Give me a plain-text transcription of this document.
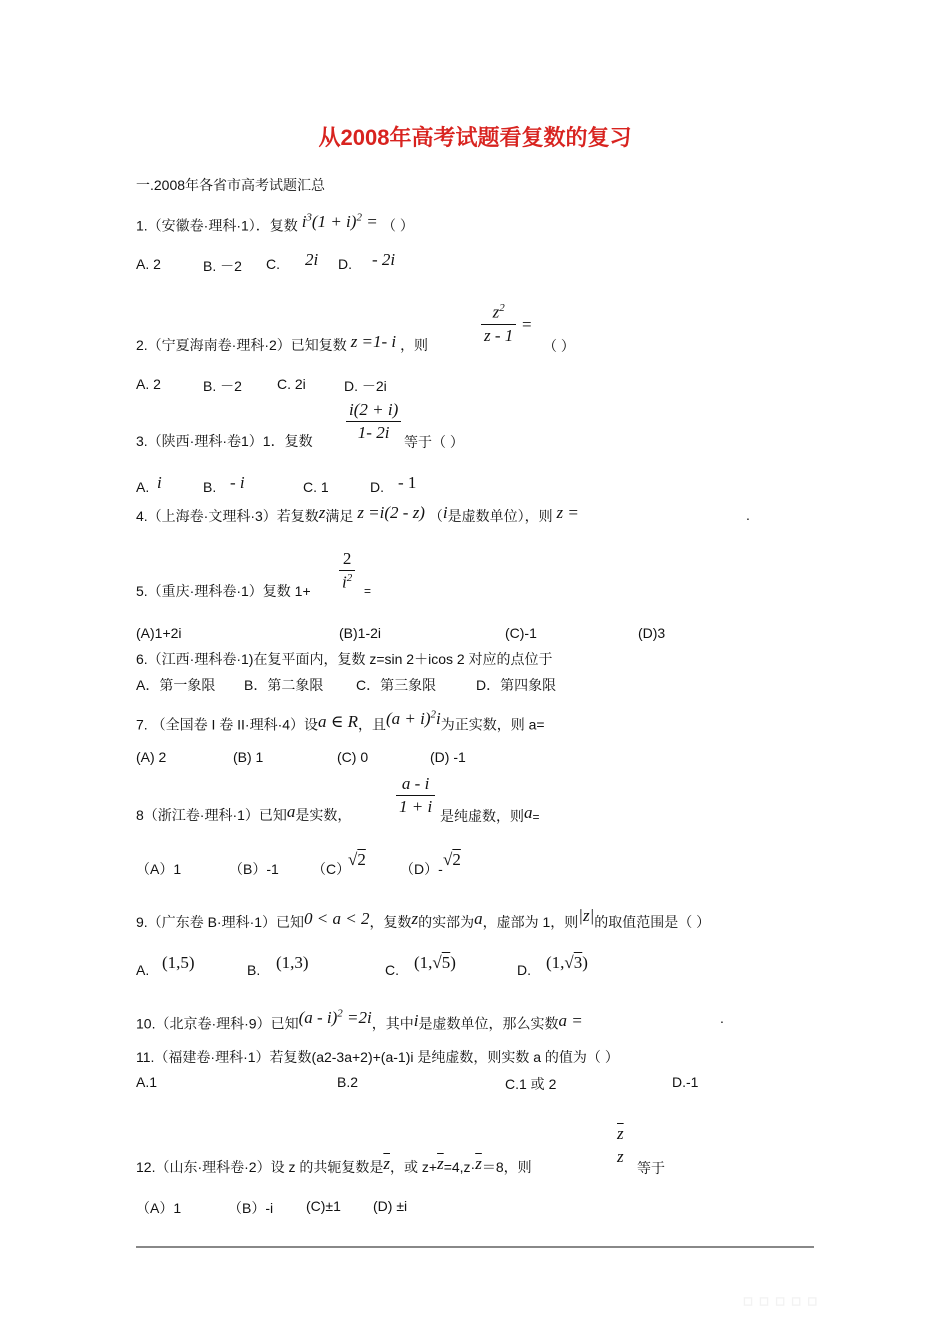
从2008年高考试题看复数的复习
一.2008年各省市高考试题汇总
1.（安徽卷·理科·1）．复数 $i^3(1 + i)^2$ = （ ）
A. 2	B. －2 C. 2i D. - 2i
$z^2$
z - 1
=
2.（宁夏海南卷·理科·2）已知复数 z =1- i ，则	（ ）
A. 2	B. －2	C. 2i	D. －2i
3.（陕西·理科·卷1）1．复数
i(2 + i)
1- 2i	等于（ ）
A. i	B. - i	C. 1	D. - 1
4.（上海卷·文理科·3）若复数z满足 z =i(2 - z) （i是虚数单位），则 z =	.
5.（重庆·理科卷·1）复数 1+
2
$i^2$
=
(A)1+2i	(B)1-2i	(C)-1	(D)3
6.（江西·理科卷·1)在复平面内，复数 z=sin 2＋icos 2 对应的点位于
A．第一象限 B．第二象限 C．第三象限	D．第四象限
7. （全国卷 I 卷 II·理科·4）设a ∈ R，且$(a + i)^2i$为正实数，则 a=
(A) 2	(B) 1	(C) 0	(D) -1
a - i
1 + i
8（浙江卷·理科·1）已知a是实数，	是纯虚数，则a=
（A）1	（B）-1 （C）
√2 （D）- √2
9.（广东卷 B·理科·1）已知0 < a < 2，复数z的实部为a，虚部为 1，则|z|的取值范围是（ ）
A. (1,5)	B. (1,3)	C. (1,√5)	D. (1,√3)
10.（北京卷·理科·9）已知(a - i)$^2$ =2i，其中i是虚数单位，那么实数a =	.
11.（福建卷·理科·1）若复数(a2-3a+2)+(a-1)i 是纯虚数，则实数 a 的值为（ ）
A.1	B.2	C.1 或 2	D.-1
$\overline{z}$
z
12.（山东·理科卷·2）设 z 的共轭复数是$\overline{z}$，或 $z+\overline{z}=4,z\cdot\overline{z}=8$，则	等于
（A）1	（B）-i (C)±1 (D) ±i
▫▫▫▫▫
